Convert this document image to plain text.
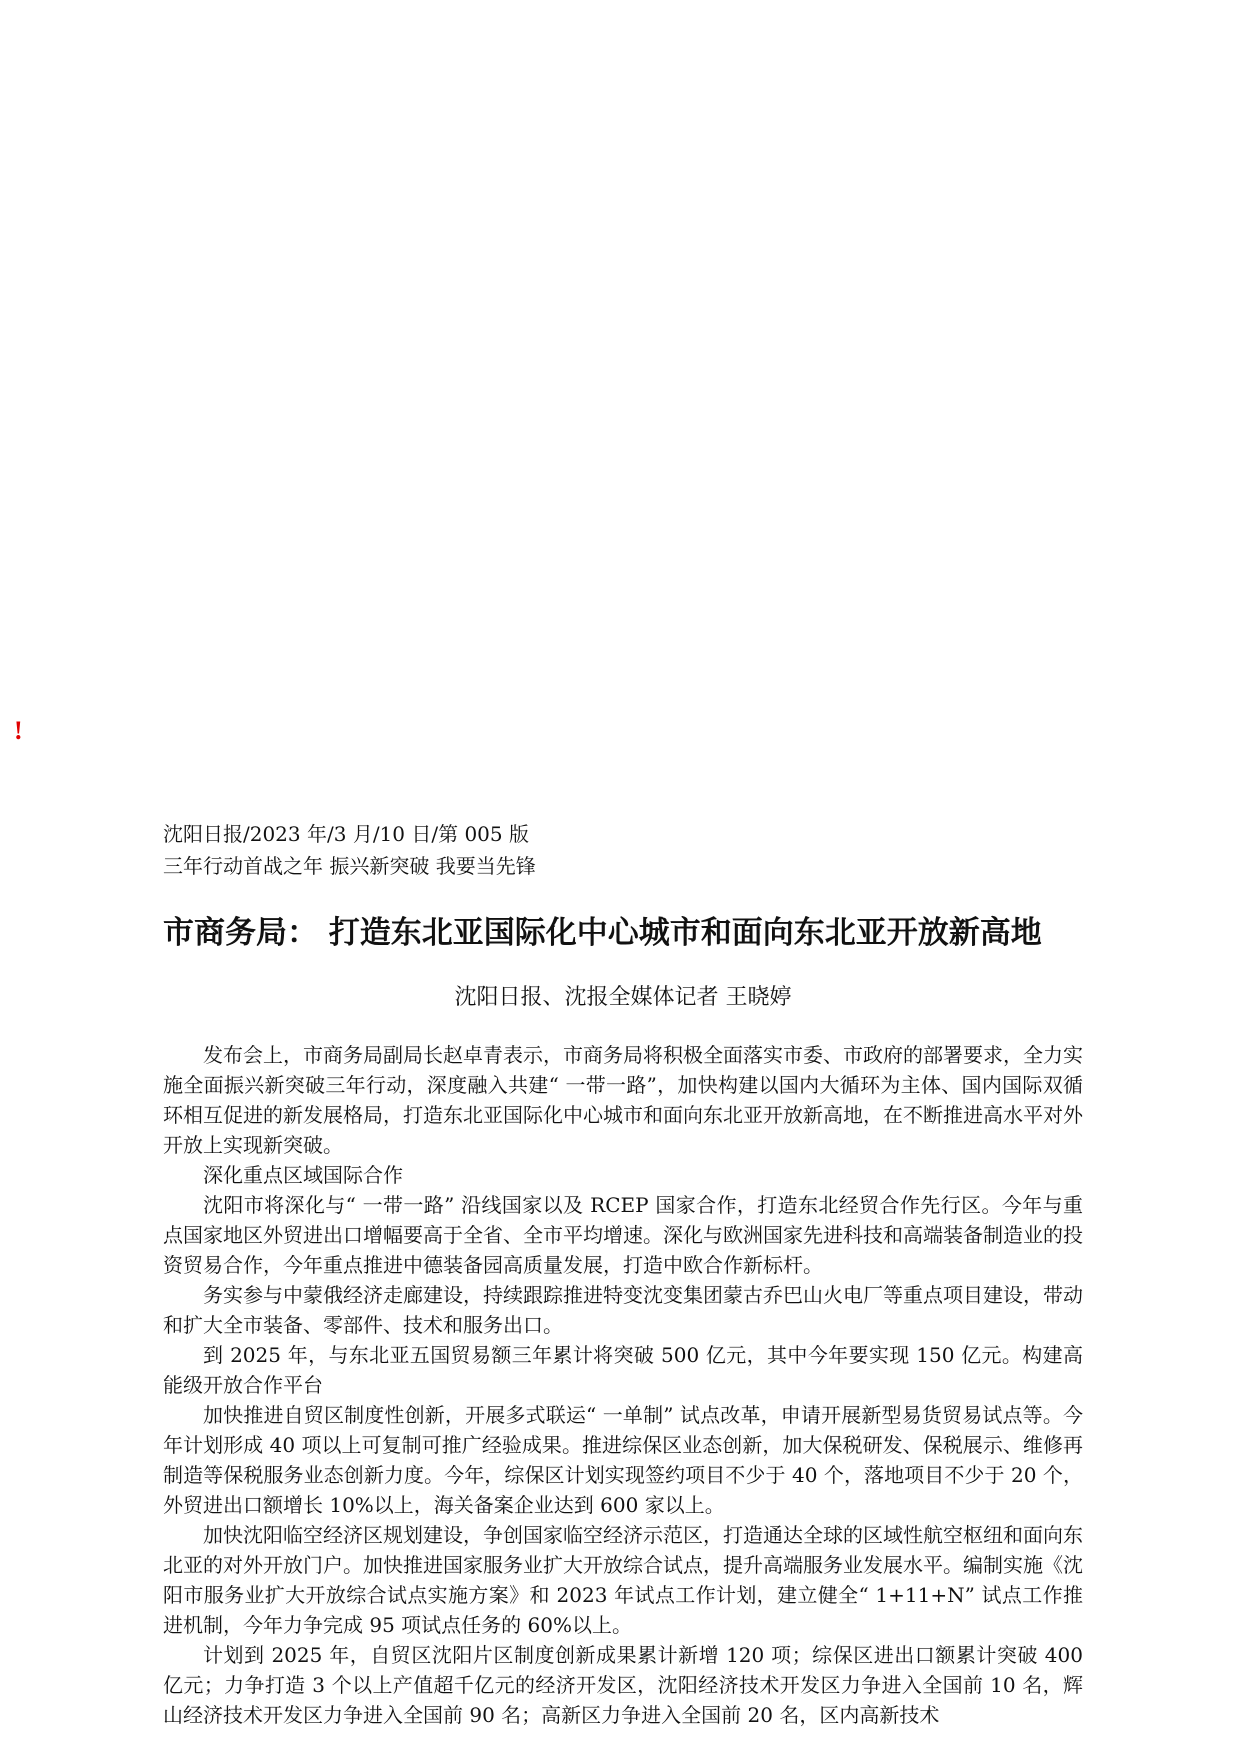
!

沈阳日报/2023 年/3 月/10 日/第 005 版

三年行动首战之年 振兴新突破 我要当先锋

市商务局： 打造东北亚国际化中心城市和面向东北亚开放新高地

沈阳日报、沈报全媒体记者 王晓婷

发布会上，市商务局副局长赵卓青表示，市商务局将积极全面落实市委、市政府的部署要求，全力实施全面振兴新突破三年行动，深度融入共建“ 一带一路”，加快构建以国内大循环为主体、国内国际双循环相互促进的新发展格局，打造东北亚国际化中心城市和面向东北亚开放新高地，在不断推进高水平对外开放上实现新突破。

深化重点区域国际合作

沈阳市将深化与“ 一带一路” 沿线国家以及 RCEP 国家合作，打造东北经贸合作先行区。今年与重点国家地区外贸进出口增幅要高于全省、全市平均增速。深化与欧洲国家先进科技和高端装备制造业的投资贸易合作，今年重点推进中德装备园高质量发展，打造中欧合作新标杆。

务实参与中蒙俄经济走廊建设，持续跟踪推进特变沈变集团蒙古乔巴山火电厂等重点项目建设，带动和扩大全市装备、零部件、技术和服务出口。

到 2025 年，与东北亚五国贸易额三年累计将突破 500 亿元，其中今年要实现 150 亿元。构建高能级开放合作平台

加快推进自贸区制度性创新，开展多式联运“ 一单制” 试点改革，申请开展新型易货贸易试点等。今年计划形成 40 项以上可复制可推广经验成果。推进综保区业态创新，加大保税研发、保税展示、维修再制造等保税服务业态创新力度。今年，综保区计划实现签约项目不少于 40 个，落地项目不少于 20 个，外贸进出口额增长 10%以上，海关备案企业达到 600 家以上。

加快沈阳临空经济区规划建设，争创国家临空经济示范区，打造通达全球的区域性航空枢纽和面向东北亚的对外开放门户。加快推进国家服务业扩大开放综合试点，提升高端服务业发展水平。编制实施《沈阳市服务业扩大开放综合试点实施方案》和 2023 年试点工作计划，建立健全“ 1+11+N” 试点工作推进机制，今年力争完成 95 项试点任务的 60%以上。

计划到 2025 年，自贸区沈阳片区制度创新成果累计新增 120 项；综保区进出口额累计突破 400 亿元；力争打造 3 个以上产值超千亿元的经济开发区，沈阳经济技术开发区力争进入全国前 10 名，辉山经济技术开发区力争进入全国前 90 名；高新区力争进入全国前 20 名，区内高新技术
